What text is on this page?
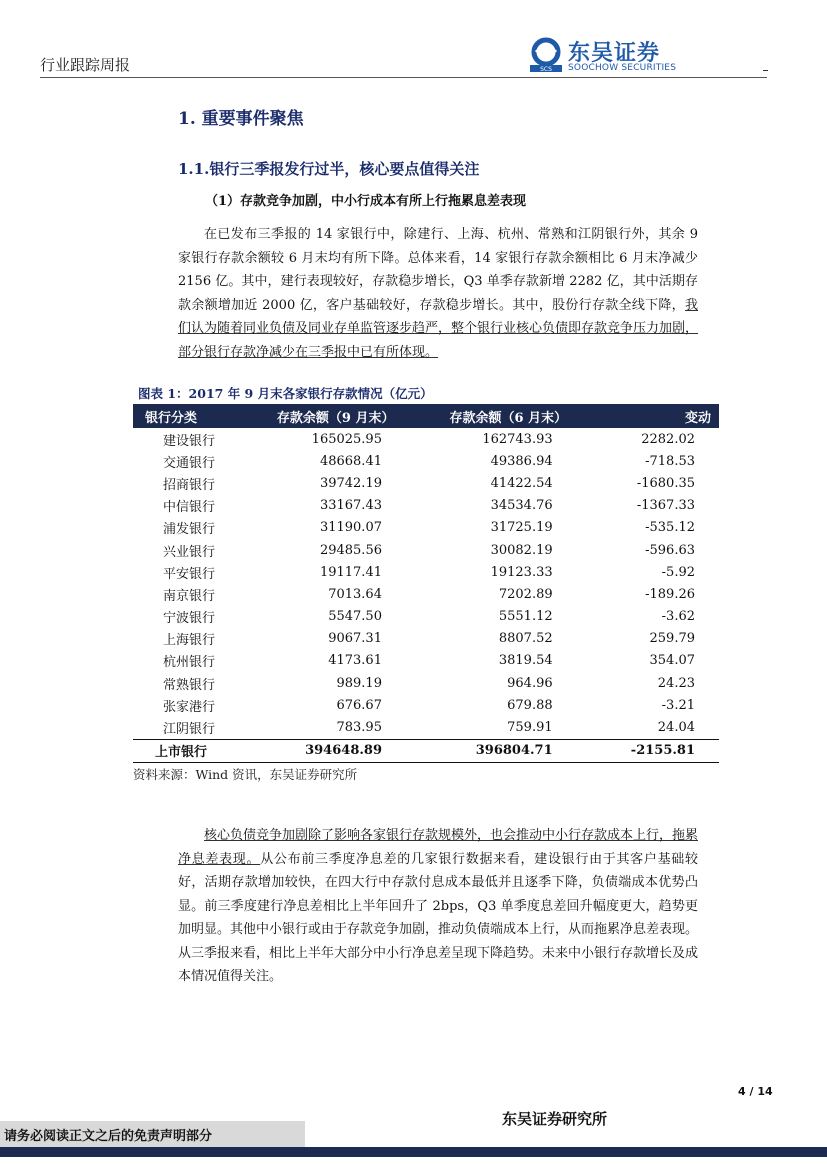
行业跟踪周报	SCS
东吴证券
SOOCHOW SECURITIES
1. 重要事件聚焦
1.1.银行三季报发行过半，核心要点值得关注
（1）存款竞争加剧，中小行成本有所上行拖累息差表现
在已发布三季报的 14 家银行中，除建行、上海、杭州、常熟和江阴银行外，其余 9 家银行存款余额较 6 月末均有所下降。总体来看，14 家银行存款余额相比 6 月末净减少 2156 亿。其中，建行表现较好，存款稳步增长，Q3 单季存款新增 2282 亿，其中活期存款余额增加近 2000 亿，客户基础较好，存款稳步增长。其中，股份行存款全线下降，我们认为随着同业负债及同业存单监管逐步趋严，整个银行业核心负债即存款竞争压力加剧，部分银行存款净减少在三季报中已有所体现。
图表 1：2017 年 9 月末各家银行存款情况（亿元）
银行分类	存款余额（9 月末）	存款余额（6 月末）	变动
建设银行	165025.95	162743.93	2282.02
交通银行	48668.41	49386.94	-718.53
招商银行	39742.19	41422.54	-1680.35
中信银行	33167.43	34534.76	-1367.33
浦发银行	31190.07	31725.19	-535.12
兴业银行	29485.56	30082.19	-596.63
平安银行	19117.41	19123.33	-5.92
南京银行	7013.64	7202.89	-189.26
宁波银行	5547.50	5551.12	-3.62
上海银行	9067.31	8807.52	259.79
杭州银行	4173.61	3819.54	354.07
常熟银行	989.19	964.96	24.23
张家港行	676.67	679.88	-3.21
江阴银行	783.95	759.91	24.04
上市银行	394648.89	396804.71	-2155.81
资料来源：Wind 资讯，东吴证券研究所
核心负债竞争加剧除了影响各家银行存款规模外，也会推动中小行存款成本上行，拖累净息差表现。从公布前三季度净息差的几家银行数据来看，建设银行由于其客户基础较好，活期存款增加较快，在四大行中存款付息成本最低并且逐季下降，负债端成本优势凸显。前三季度建行净息差相比上半年回升了 2bps，Q3 单季度息差回升幅度更大，趋势更加明显。其他中小银行或由于存款竞争加剧，推动负债端成本上行，从而拖累净息差表现。从三季报来看，相比上半年大部分中小行净息差呈现下降趋势。未来中小银行存款增长及成本情况值得关注。
4 / 14
东吴证券研究所
请务必阅读正文之后的免责声明部分
